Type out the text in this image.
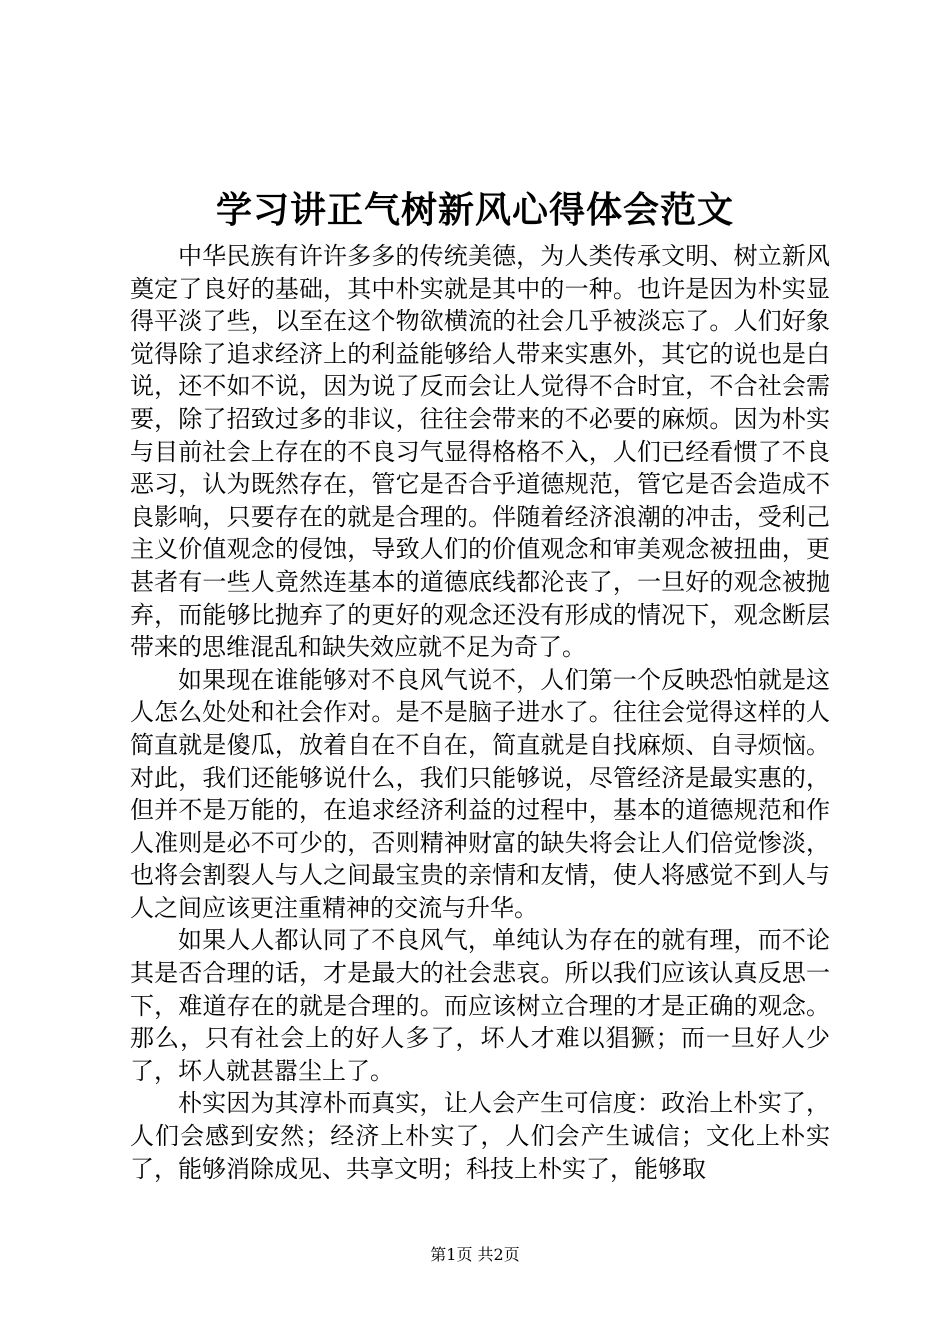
学习讲正气树新风心得体会范文

中华民族有许许多多的传统美德，为人类传承文明、树立新风奠定了良好的基础，其中朴实就是其中的一种。也许是因为朴实显得平淡了些，以至在这个物欲横流的社会几乎被淡忘了。人们好象觉得除了追求经济上的利益能够给人带来实惠外，其它的说也是白说，还不如不说，因为说了反而会让人觉得不合时宜，不合社会需要，除了招致过多的非议，往往会带来的不必要的麻烦。因为朴实与目前社会上存在的不良习气显得格格不入，人们已经看惯了不良恶习，认为既然存在，管它是否合乎道德规范，管它是否会造成不良影响，只要存在的就是合理的。伴随着经济浪潮的冲击，受利己主义价值观念的侵蚀，导致人们的价值观念和审美观念被扭曲，更甚者有一些人竟然连基本的道德底线都沦丧了，一旦好的观念被抛弃，而能够比抛弃了的更好的观念还没有形成的情况下，观念断层带来的思维混乱和缺失效应就不足为奇了。

如果现在谁能够对不良风气说不，人们第一个反映恐怕就是这人怎么处处和社会作对。是不是脑子进水了。往往会觉得这样的人简直就是傻瓜，放着自在不自在，简直就是自找麻烦、自寻烦恼。对此，我们还能够说什么，我们只能够说，尽管经济是最实惠的，但并不是万能的，在追求经济利益的过程中，基本的道德规范和作人准则是必不可少的，否则精神财富的缺失将会让人们倍觉惨淡，也将会割裂人与人之间最宝贵的亲情和友情，使人将感觉不到人与人之间应该更注重精神的交流与升华。

如果人人都认同了不良风气，单纯认为存在的就有理，而不论其是否合理的话，才是最大的社会悲哀。所以我们应该认真反思一下，难道存在的就是合理的。而应该树立合理的才是正确的观念。那么，只有社会上的好人多了，坏人才难以猖獗；而一旦好人少了，坏人就甚嚣尘上了。

朴实因为其淳朴而真实，让人会产生可信度：政治上朴实了，人们会感到安然；经济上朴实了，人们会产生诚信；文化上朴实了，能够消除成见、共享文明；科技上朴实了，能够取

第1页 共2页
